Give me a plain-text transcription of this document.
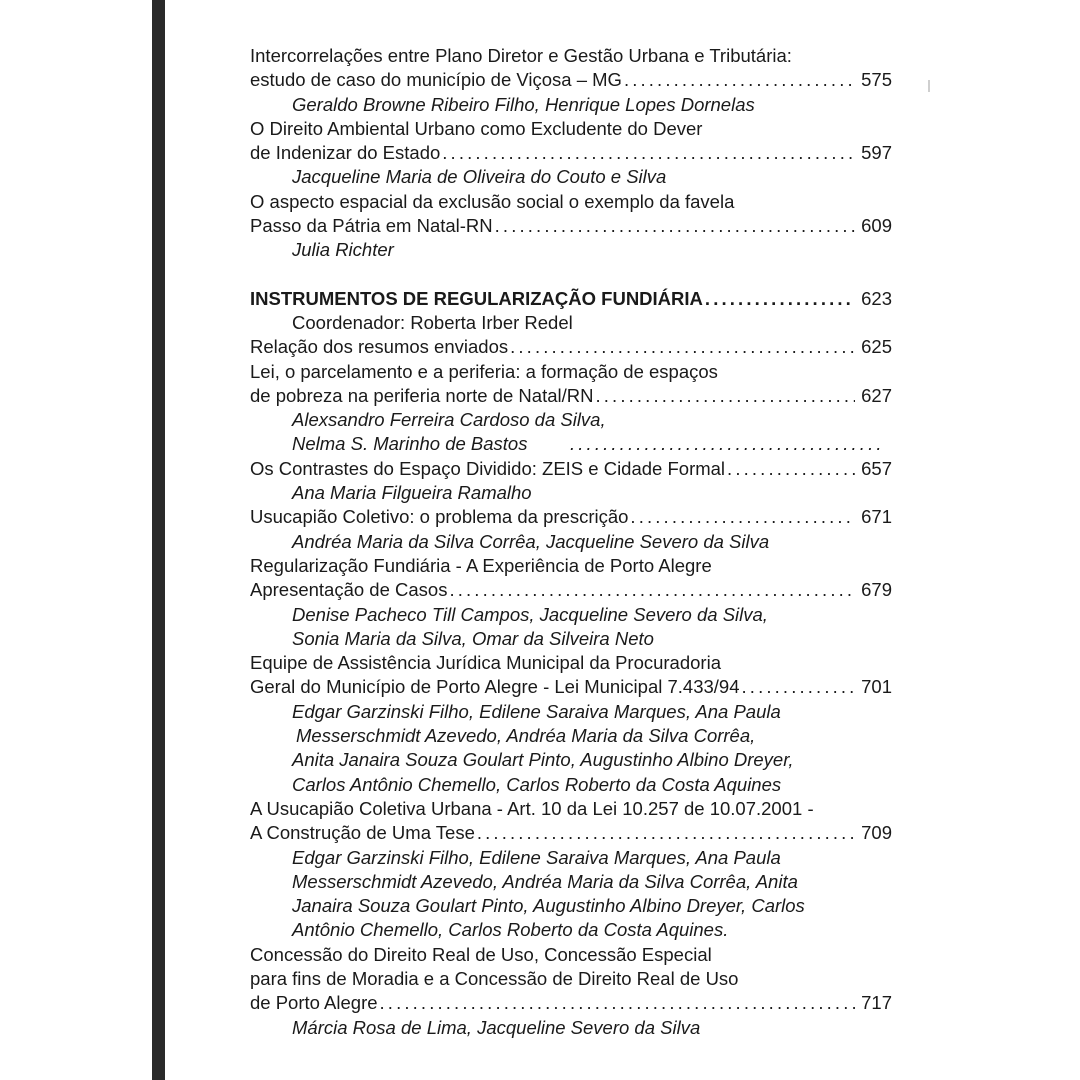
Intercorrelações entre Plano Diretor e Gestão Urbana e Tributária:
estudo de caso do município de Viçosa – MG . . .	575
Geraldo Browne Ribeiro Filho, Henrique Lopes Dornelas
O Direito Ambiental Urbano como Excludente do Dever
de Indenizar do Estado . . .	597
Jacqueline Maria de Oliveira do Couto e Silva
O aspecto espacial da exclusão social o exemplo da favela
Passo da Pátria em Natal-RN . . .	609
Julia Richter
INSTRUMENTOS DE REGULARIZAÇÃO FUNDIÁRIA . . .	623
Coordenador: Roberta Irber Redel
Relação dos resumos enviados . . .	625
Lei, o parcelamento e a periferia: a formação de espaços
de pobreza na periferia norte de Natal/RN . . .	627
Alexsandro Ferreira Cardoso da Silva,
Nelma S. Marinho de Bastos
. . .
Os Contrastes do Espaço Dividido: ZEIS e Cidade Formal . . .	657
Ana Maria Filgueira Ramalho
Usucapião Coletivo: o problema da prescrição . . .	671
Andréa Maria da Silva Corrêa, Jacqueline Severo da Silva
Regularização Fundiária - A Experiência de Porto Alegre
Apresentação de Casos . . .	679
Denise Pacheco Till Campos, Jacqueline Severo da Silva,
Sonia Maria da Silva, Omar da Silveira Neto
Equipe de Assistência Jurídica Municipal da Procuradoria
Geral do Município de Porto Alegre - Lei Municipal 7.433/94 . . .	701
Edgar Garzinski Filho, Edilene Saraiva Marques, Ana Paula
Messerschmidt Azevedo, Andréa Maria da Silva Corrêa,
Anita Janaira Souza Goulart Pinto, Augustinho Albino Dreyer,
Carlos Antônio Chemello, Carlos Roberto da Costa Aquines
A Usucapião Coletiva Urbana - Art. 10 da Lei 10.257 de 10.07.2001 -
A Construção de Uma Tese . . .	709
Edgar Garzinski Filho, Edilene Saraiva Marques, Ana Paula
Messerschmidt Azevedo, Andréa Maria da Silva Corrêa, Anita
Janaira Souza Goulart Pinto, Augustinho Albino Dreyer, Carlos
Antônio Chemello, Carlos Roberto da Costa Aquines.
Concessão do Direito Real de Uso, Concessão Especial
para fins de Moradia e a Concessão de Direito Real de Uso
de Porto Alegre . . .	717
Márcia Rosa de Lima, Jacqueline Severo da Silva
